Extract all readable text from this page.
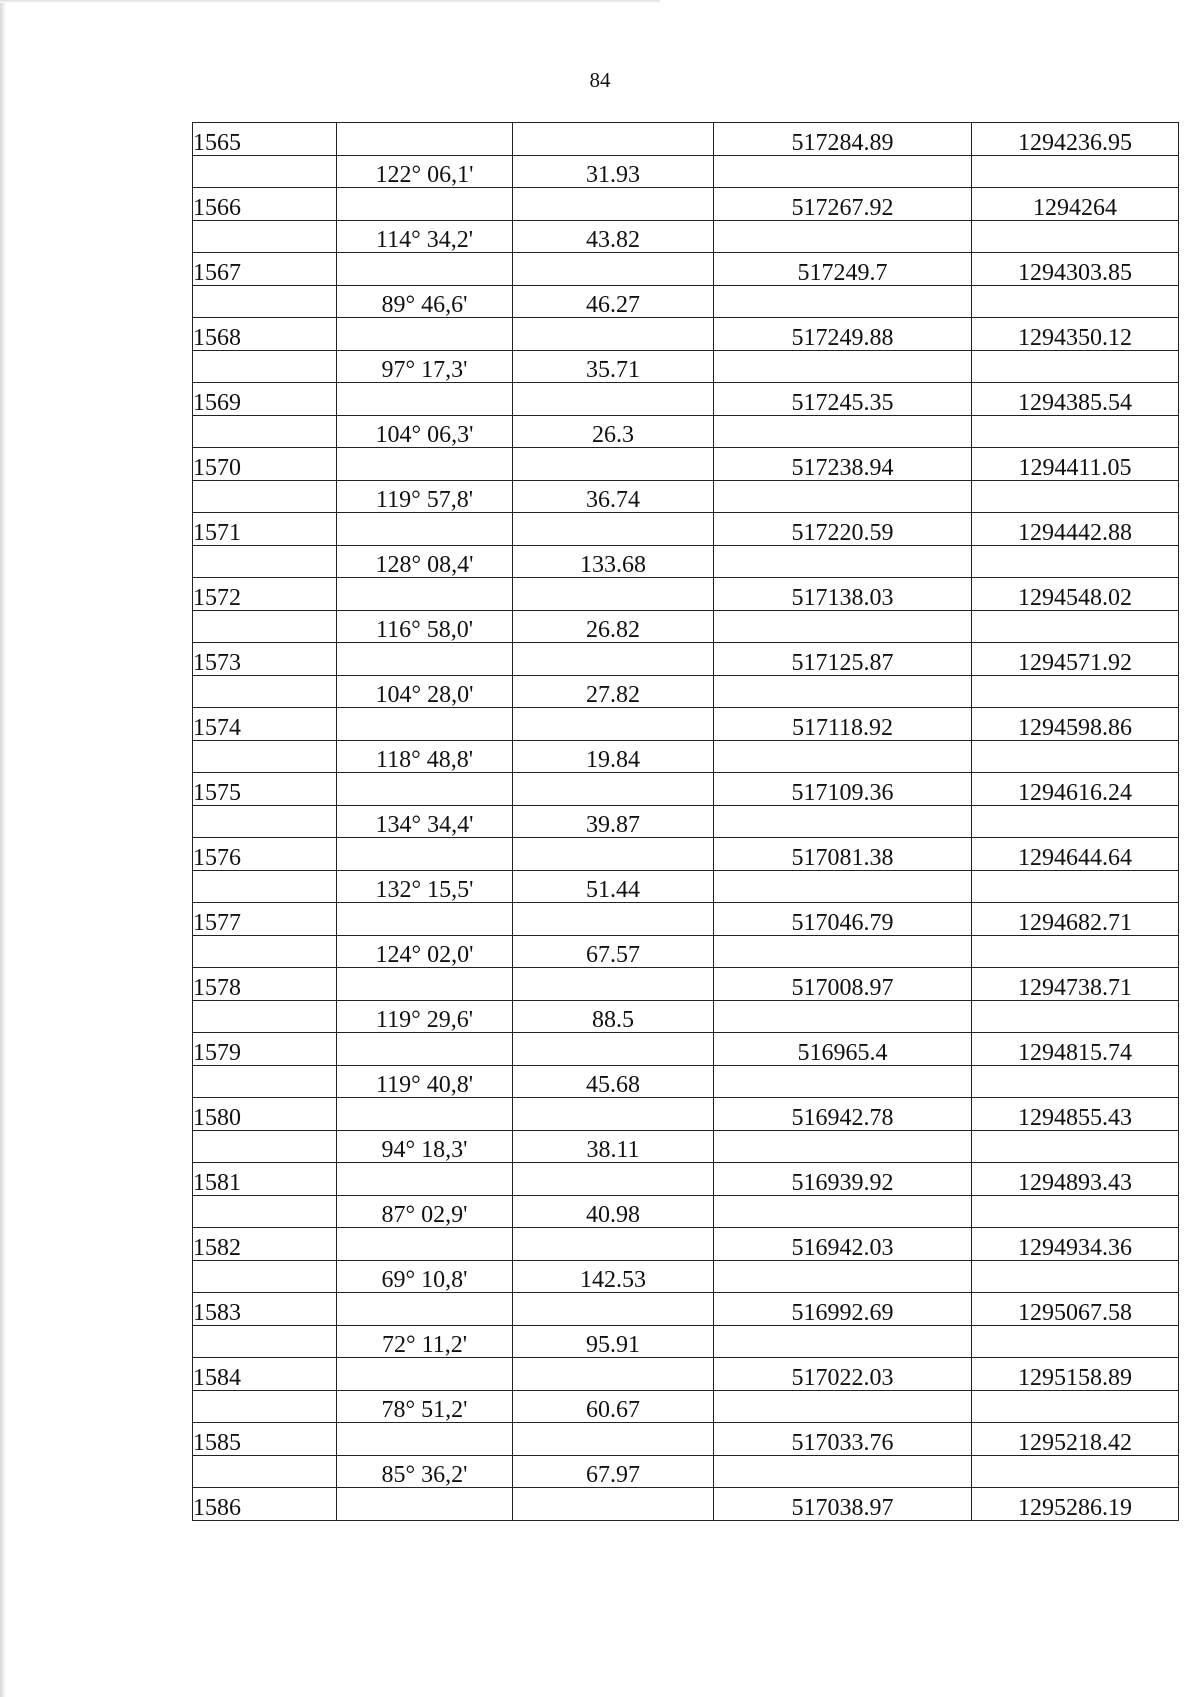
84
1565			517284.89	1294236.95
	122° 06,1'	31.93		
1566			517267.92	1294264
	114° 34,2'	43.82		
1567			517249.7	1294303.85
	89° 46,6'	46.27		
1568			517249.88	1294350.12
	97° 17,3'	35.71		
1569			517245.35	1294385.54
	104° 06,3'	26.3		
1570			517238.94	1294411.05
	119° 57,8'	36.74		
1571			517220.59	1294442.88
	128° 08,4'	133.68		
1572			517138.03	1294548.02
	116° 58,0'	26.82		
1573			517125.87	1294571.92
	104° 28,0'	27.82		
1574			517118.92	1294598.86
	118° 48,8'	19.84		
1575			517109.36	1294616.24
	134° 34,4'	39.87		
1576			517081.38	1294644.64
	132° 15,5'	51.44		
1577			517046.79	1294682.71
	124° 02,0'	67.57		
1578			517008.97	1294738.71
	119° 29,6'	88.5		
1579			516965.4	1294815.74
	119° 40,8'	45.68		
1580			516942.78	1294855.43
	94° 18,3'	38.11		
1581			516939.92	1294893.43
	87° 02,9'	40.98		
1582			516942.03	1294934.36
	69° 10,8'	142.53		
1583			516992.69	1295067.58
	72° 11,2'	95.91		
1584			517022.03	1295158.89
	78° 51,2'	60.67		
1585			517033.76	1295218.42
	85° 36,2'	67.97		
1586			517038.97	1295286.19
